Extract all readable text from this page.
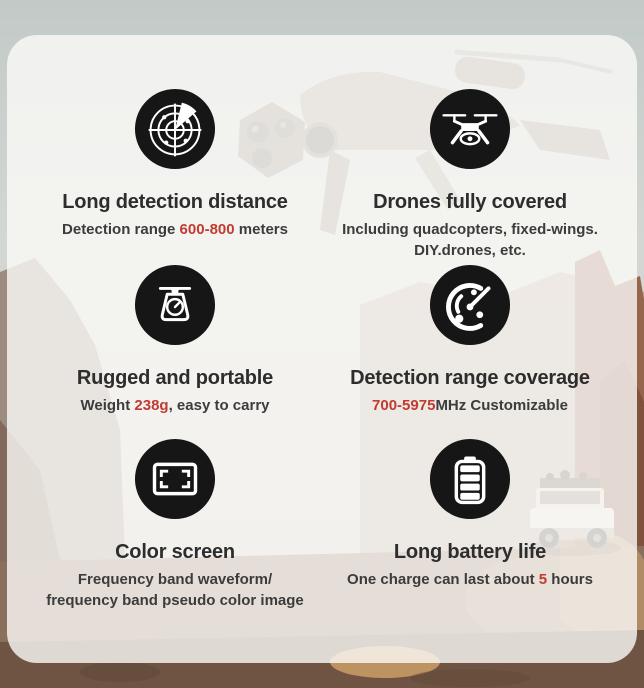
Long detection distance
Detection range 600-800 meters
Drones fully covered
Including quadcopters, fixed-wings.
DIY.drones, etc.
Rugged and portable
Weight 238g, easy to carry
Detection range coverage
700-5975MHz Customizable
Color screen
Frequency band waveform/
frequency band pseudo color image
Long battery life
One charge can last about 5 hours
